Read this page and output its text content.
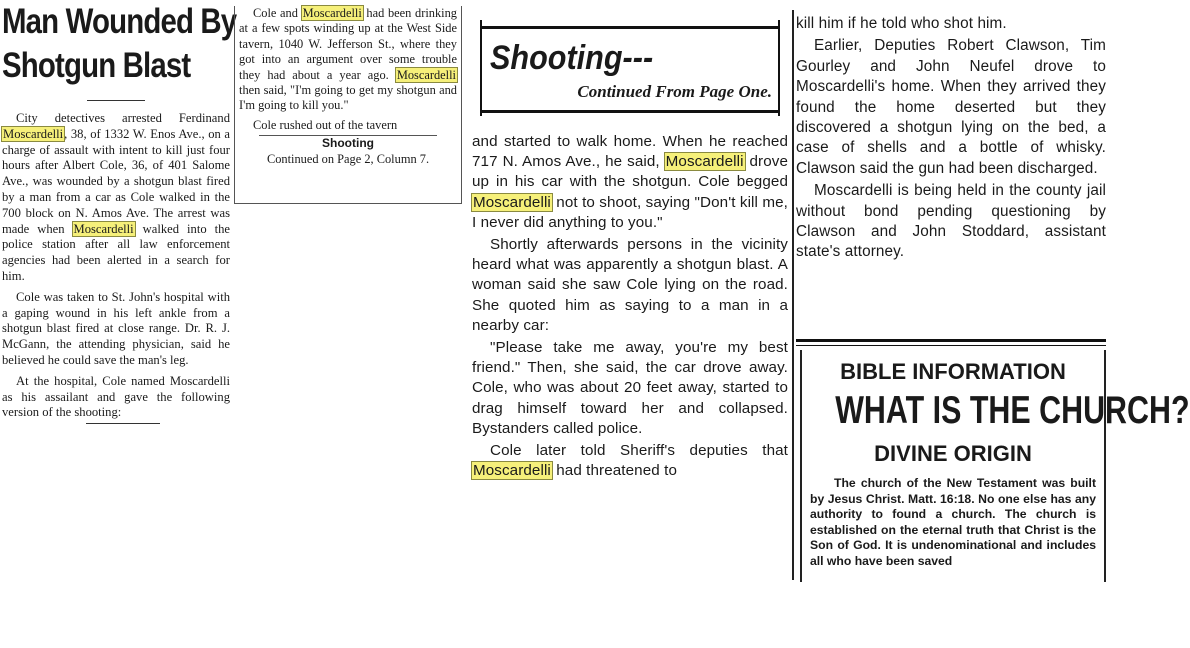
Man Wounded By
Shotgun Blast

City detectives arrested Ferdinand Moscardelli, 38, of 1332 W. Enos Ave., on a charge of assault with intent to kill just four hours after Albert Cole, 36, of 401 Salome Ave., was wounded by a shotgun blast fired by a man from a car as Cole walked in the 700 block on N. Amos Ave. The arrest was made when Moscardelli walked into the police station after all law enforcement agencies had been alerted in a search for him.

Cole was taken to St. John's hospital with a gaping wound in his left ankle from a shotgun blast fired at close range. Dr. R. J. McGann, the attending physician, said he believed he could save the man's leg.

At the hospital, Cole named Moscardelli as his assailant and gave the following version of the shooting:

Cole and Moscardelli had been drinking at a few spots winding up at the West Side tavern, 1040 W. Jefferson St., where they got into an argument over some trouble they had about a year ago. Moscardelli then said, "I'm going to get my shotgun and I'm going to kill you."

Cole rushed out of the tavern

Shooting

Continued on Page 2, Column 7.

Shooting---

Continued From Page One.

and started to walk home. When he reached 717 N. Amos Ave., he said, Moscardelli drove up in his car with the shotgun. Cole begged Moscardelli not to shoot, saying "Don't kill me, I never did anything to you."

Shortly afterwards persons in the vicinity heard what was apparently a shotgun blast. A woman said she saw Cole lying on the road. She quoted him as saying to a man in a nearby car:

"Please take me away, you're my best friend." Then, she said, the car drove away. Cole, who was about 20 feet away, started to drag himself toward her and collapsed. Bystanders called police.

Cole later told Sheriff's deputies that Moscardelli had threatened to

kill him if he told who shot him.

Earlier, Deputies Robert Clawson, Tim Gourley and John Neufel drove to Moscardelli's home. When they arrived they found the home deserted but they discovered a shotgun lying on the bed, a case of shells and a bottle of whisky. Clawson said the gun had been discharged.

Moscardelli is being held in the county jail without bond pending questioning by Clawson and John Stoddard, assistant state's attorney.

BIBLE INFORMATION

WHAT IS THE CHURCH?

DIVINE ORIGIN

The church of the New Testament was built by Jesus Christ. Matt. 16:18. No one else has any authority to found a church. The church is established on the eternal truth that Christ is the Son of God. It is undenominational and includes all who have been saved
